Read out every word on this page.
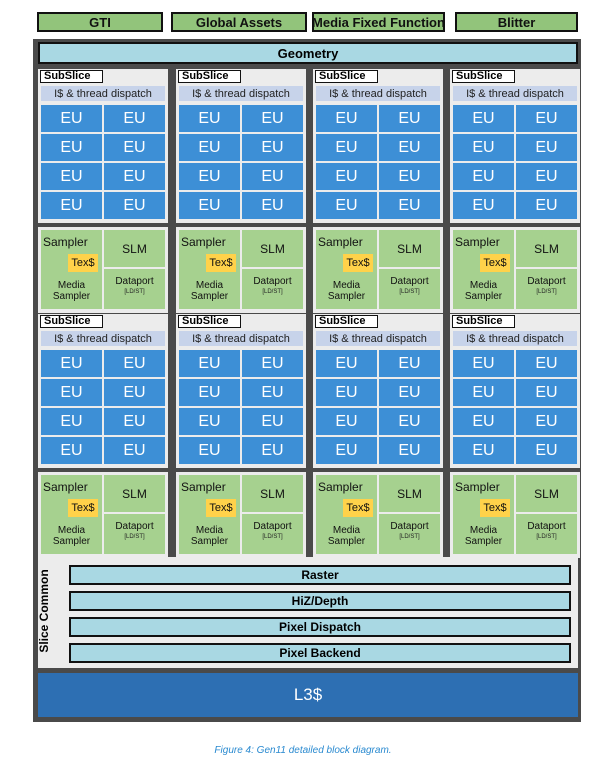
GTI	Global Assets	Media Fixed Function	Blitter
Geometry
SubSlice
I$ & thread dispatch
EU	EU
EU	EU
EU	EU
EU	EU
Sampler
Tex$
Media Sampler
SLM
Dataport
[LD/ST]
SubSlice
I$ & thread dispatch
EU	EU
EU	EU
EU	EU
EU	EU
Sampler
Tex$
Media Sampler
SLM
Dataport
[LD/ST]
SubSlice
I$ & thread dispatch
EU	EU
EU	EU
EU	EU
EU	EU
Sampler
Tex$
Media Sampler
SLM
Dataport
[LD/ST]
SubSlice
I$ & thread dispatch
EU	EU
EU	EU
EU	EU
EU	EU
Sampler
Tex$
Media Sampler
SLM
Dataport
[LD/ST]
SubSlice
I$ & thread dispatch
EU	EU
EU	EU
EU	EU
EU	EU
Sampler
Tex$
Media Sampler
SLM
Dataport
[LD/ST]
SubSlice
I$ & thread dispatch
EU	EU
EU	EU
EU	EU
EU	EU
Sampler
Tex$
Media Sampler
SLM
Dataport
[LD/ST]
SubSlice
I$ & thread dispatch
EU	EU
EU	EU
EU	EU
EU	EU
Sampler
Tex$
Media Sampler
SLM
Dataport
[LD/ST]
SubSlice
I$ & thread dispatch
EU	EU
EU	EU
EU	EU
EU	EU
Sampler
Tex$
Media Sampler
SLM
Dataport
[LD/ST]
Raster
HiZ/Depth
Pixel Dispatch
Pixel Backend
Slice Common
L3$
Figure 4: Gen11 detailed block diagram.
